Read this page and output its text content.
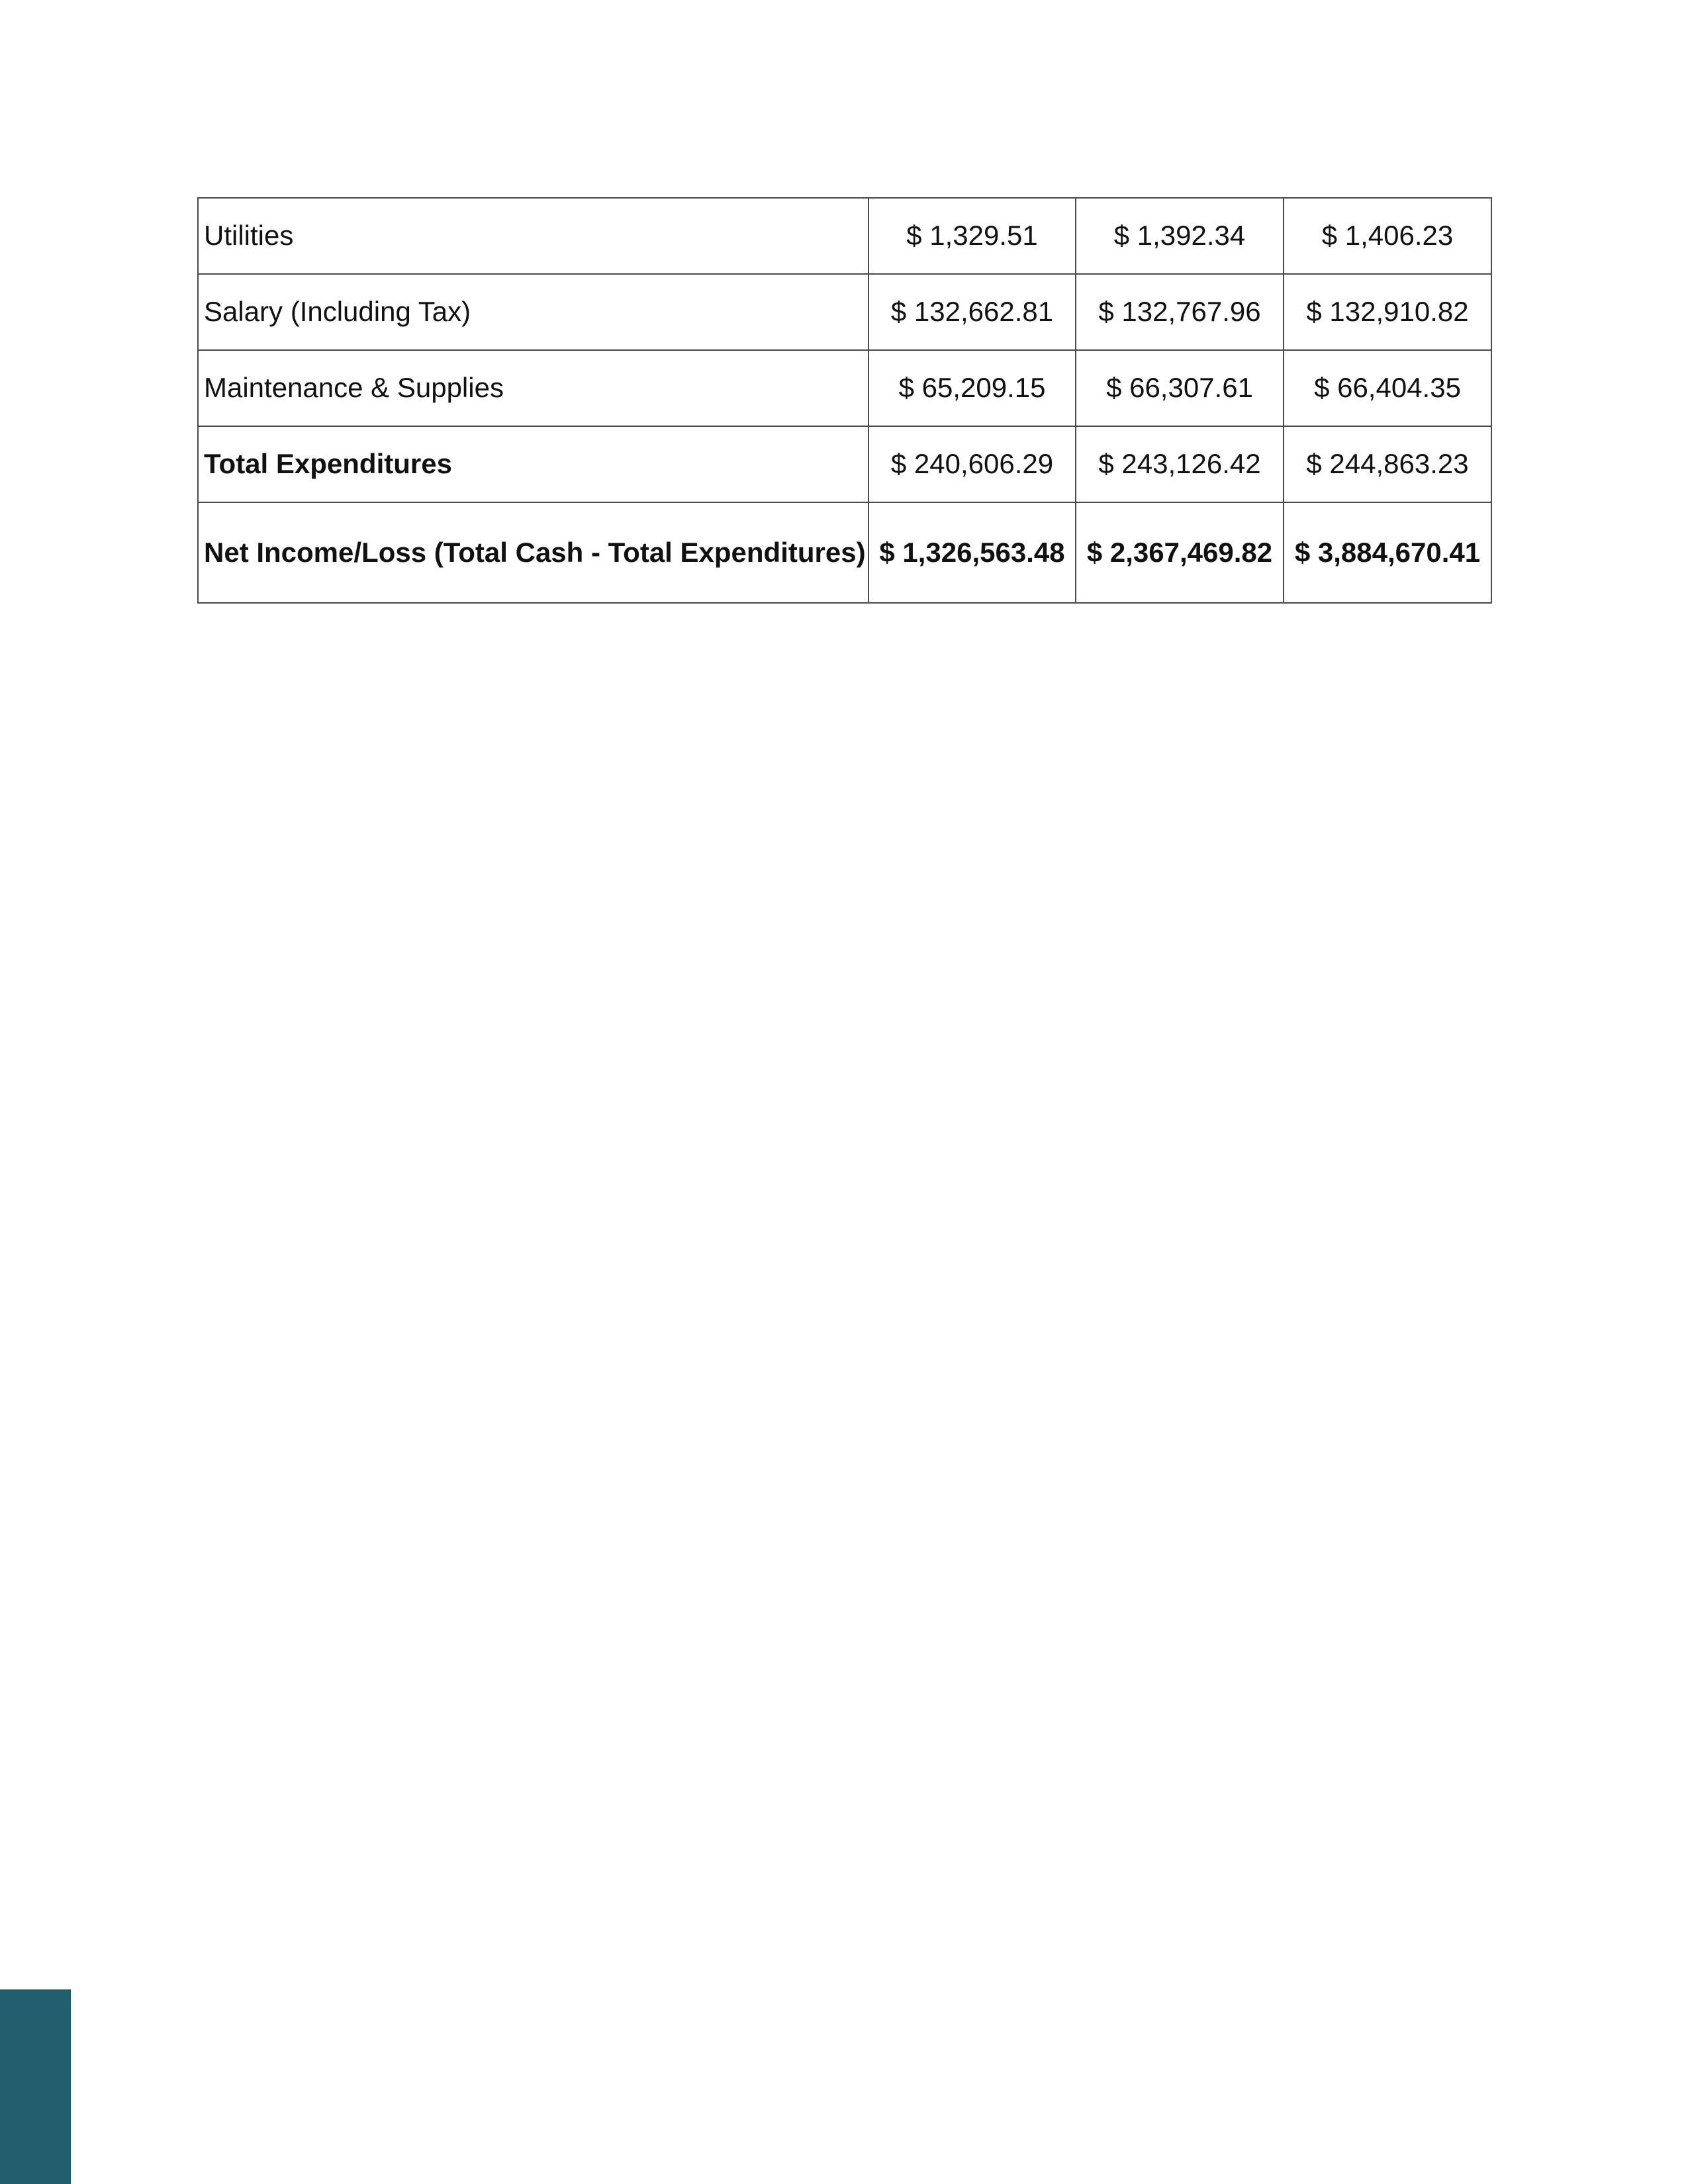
Utilities	$ 1,329.51	$ 1,392.34	$ 1,406.23
Salary (Including Tax)	$ 132,662.81	$ 132,767.96	$ 132,910.82
Maintenance & Supplies	$ 65,209.15	$ 66,307.61	$ 66,404.35
Total Expenditures	$ 240,606.29	$ 243,126.42	$ 244,863.23
Net Income/Loss (Total Cash - Total Expenditures)	$ 1,326,563.48	$ 2,367,469.82	$ 3,884,670.41
